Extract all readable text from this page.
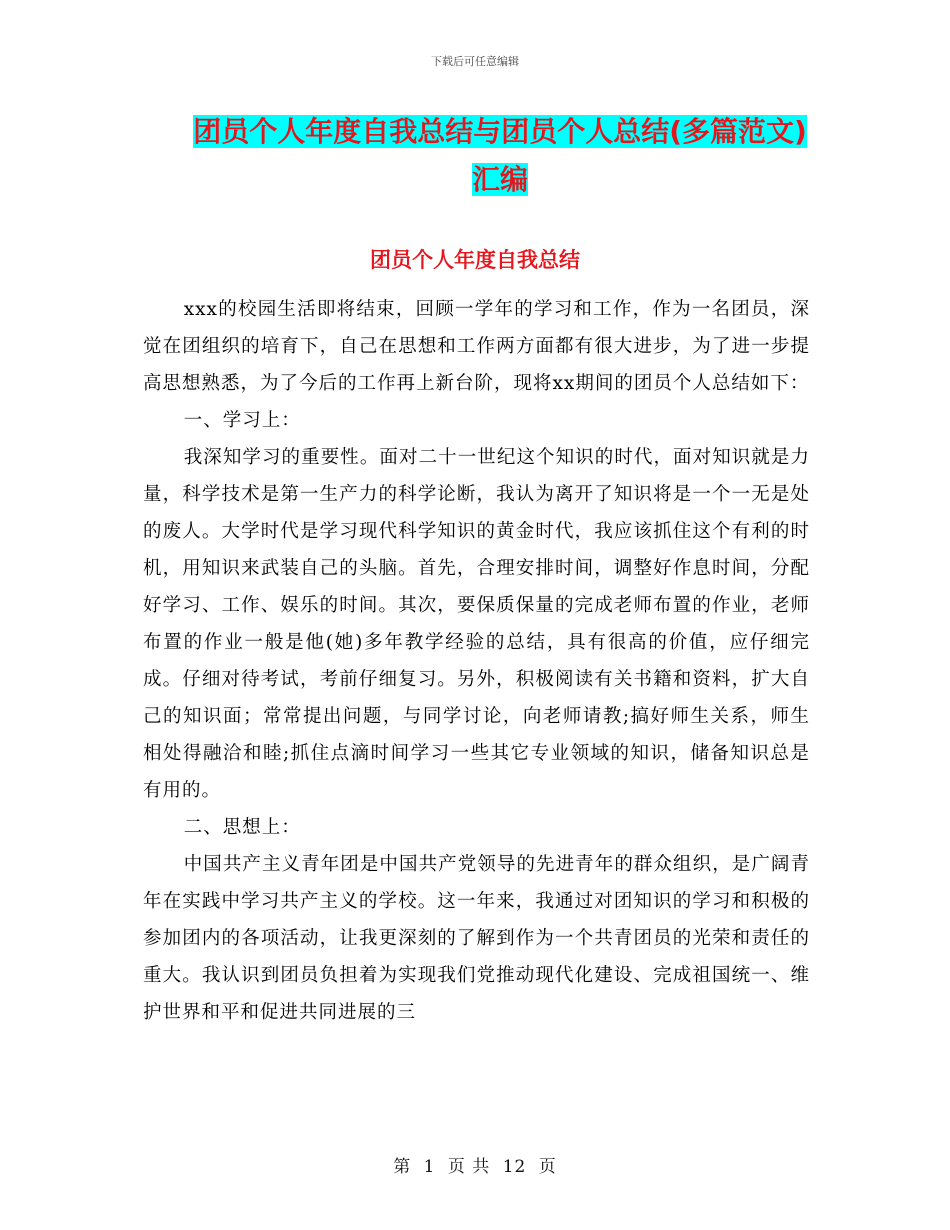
下载后可任意编辑
团员个人年度自我总结与团员个人总结(多篇范文)汇编
团员个人年度自我总结

xxx的校园生活即将结束，回顾一学年的学习和工作，作为一名团员，深觉在团组织的培育下，自己在思想和工作两方面都有很大进步，为了进一步提高思想熟悉，为了今后的工作再上新台阶，现将xx期间的团员个人总结如下：

一、学习上：

我深知学习的重要性。面对二十一世纪这个知识的时代，面对知识就是力量，科学技术是第一生产力的科学论断，我认为离开了知识将是一个一无是处的废人。大学时代是学习现代科学知识的黄金时代，我应该抓住这个有利的时机，用知识来武装自己的头脑。首先，合理安排时间，调整好作息时间，分配好学习、工作、娱乐的时间。其次，要保质保量的完成老师布置的作业，老师布置的作业一般是他(她)多年教学经验的总结，具有很高的价值，应仔细完成。仔细对待考试，考前仔细复习。另外，积极阅读有关书籍和资料，扩大自己的知识面；常常提出问题，与同学讨论，向老师请教;搞好师生关系，师生相处得融洽和睦;抓住点滴时间学习一些其它专业领域的知识，储备知识总是有用的。

二、思想上：

中国共产主义青年团是中国共产党领导的先进青年的群众组织，是广阔青年在实践中学习共产主义的学校。这一年来，我通过对团知识的学习和积极的参加团内的各项活动，让我更深刻的了解到作为一个共青团员的光荣和责任的重大。我认识到团员负担着为实现我们党推动现代化建设、完成祖国统一、维护世界和平和促进共同进展的三

第 1 页 共 12 页
